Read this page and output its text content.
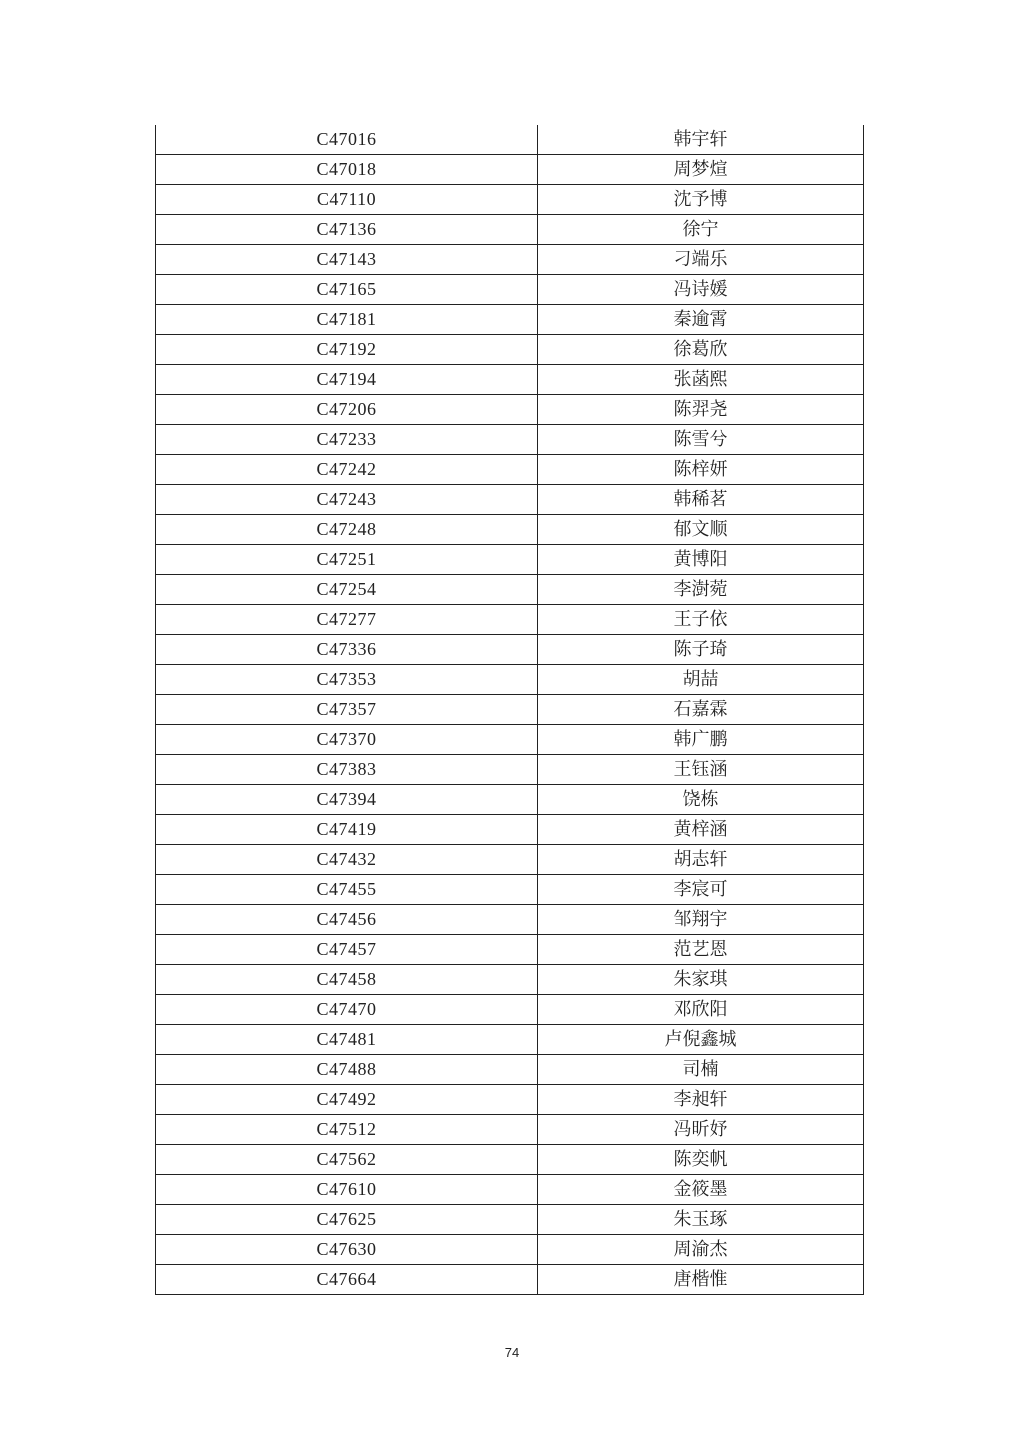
C47016	韩宇轩
C47018	周梦煊
C47110	沈予博
C47136	徐宁
C47143	刁端乐
C47165	冯诗媛
C47181	秦逾霄
C47192	徐葛欣
C47194	张菡熙
C47206	陈羿尧
C47233	陈雪兮
C47242	陈梓妍
C47243	韩稀茗
C47248	郁文顺
C47251	黄博阳
C47254	李澍菀
C47277	王子依
C47336	陈子琦
C47353	胡喆
C47357	石嘉霖
C47370	韩广鹏
C47383	王钰涵
C47394	饶栋
C47419	黄梓涵
C47432	胡志轩
C47455	李宸可
C47456	邹翔宇
C47457	范艺恩
C47458	朱家琪
C47470	邓欣阳
C47481	卢倪鑫城
C47488	司楠
C47492	李昶轩
C47512	冯昕妤
C47562	陈奕帆
C47610	金筱墨
C47625	朱玉琢
C47630	周渝杰
C47664	唐楷惟
74
